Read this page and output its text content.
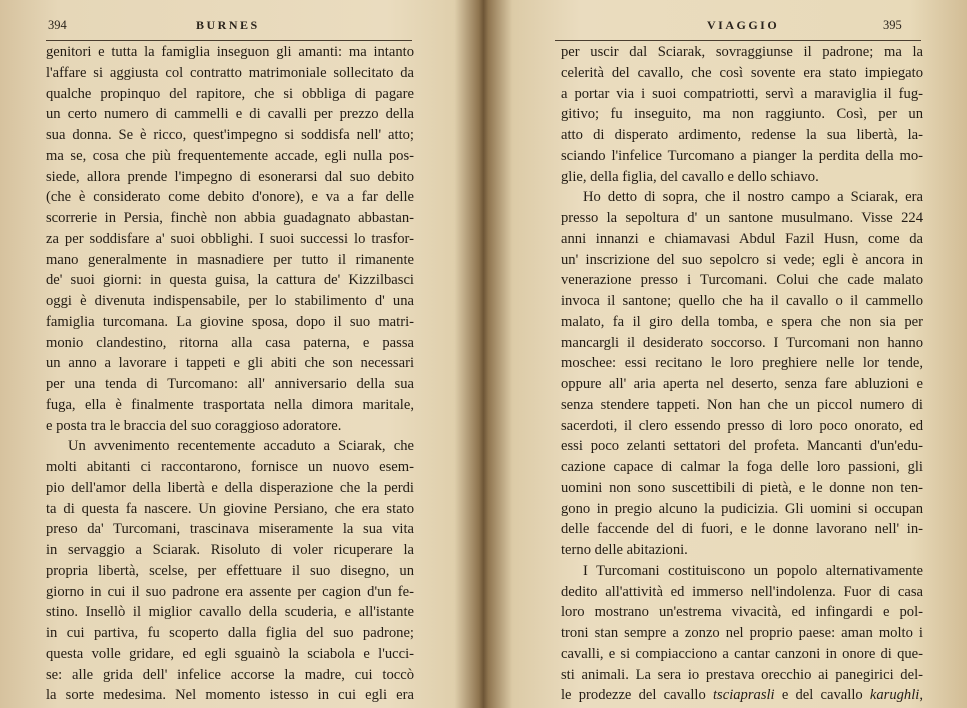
394	BURNES
genitori e tutta la famiglia inseguon gli amanti: ma intanto
l'affare si aggiusta col contratto matrimoniale sollecitato da
qualche propinquo del rapitore, che si obbliga di pagare
un certo numero di cammelli e di cavalli per prezzo della
sua donna. Se è ricco, quest'impegno si soddisfa nell' atto;
ma se, cosa che più frequentemente accade, egli nulla pos-
siede, allora prende l'impegno di esonerarsi dal suo debito
(che è considerato come debito d'onore), e va a far delle
scorrerie in Persia, finchè non abbia guadagnato abbastan-
za per soddisfare a' suoi obblighi. I suoi successi lo trasfor-
mano generalmente in masnadiere per tutto il rimanente
de' suoi giorni: in questa guisa, la cattura de' Kizzilbasci
oggi è divenuta indispensabile, per lo stabilimento d' una
famiglia turcomana. La giovine sposa, dopo il suo matri-
monio clandestino, ritorna alla casa paterna, e passa
un anno a lavorare i tappeti e gli abiti che son necessari
per una tenda di Turcomano: all' anniversario della sua
fuga, ella è finalmente trasportata nella dimora maritale,
e posta tra le braccia del suo coraggioso adoratore.
Un avvenimento recentemente accaduto a Sciarak, che
molti abitanti ci raccontarono, fornisce un nuovo esem-
pio dell'amor della libertà e della disperazione che la perdi
ta di questa fa nascere. Un giovine Persiano, che era stato
preso da' Turcomani, trascinava miseramente la sua vita
in servaggio a Sciarak. Risoluto di voler ricuperare la
propria libertà, scelse, per effettuare il suo disegno, un
giorno in cui il suo padrone era assente per cagion d'un fe-
stino. Insellò il miglior cavallo della scuderia, e all'istante
in cui partiva, fu scoperto dalla figlia del suo padrone;
questa volle gridare, ed egli sguainò la sciabola e l'ucci-
se: alle grida dell' infelice accorse la madre, cui toccò
la sorte medesima. Nel momento istesso in cui egli era
VIAGGIO	395
per uscir dal Sciarak, sovraggiunse il padrone; ma la
celerità del cavallo, che così sovente era stato impiegato
a portar via i suoi compatriotti, servì a maraviglia il fug-
gitivo; fu inseguito, ma non raggiunto. Così, per un
atto di disperato ardimento, redense la sua libertà, la-
sciando l'infelice Turcomano a pianger la perdita della mo-
glie, della figlia, del cavallo e dello schiavo.
Ho detto di sopra, che il nostro campo a Sciarak, era
presso la sepoltura d' un santone musulmano. Visse 224
anni innanzi e chiamavasi Abdul Fazil Husn, come da
un' inscrizione del suo sepolcro si vede; egli è ancora in
venerazione presso i Turcomani. Colui che cade malato
invoca il santone; quello che ha il cavallo o il cammello
malato, fa il giro della tomba, e spera che non sia per
mancargli il desiderato soccorso. I Turcomani non hanno
moschee: essi recitano le loro preghiere nelle lor tende,
oppure all' aria aperta nel deserto, senza fare abluzioni e
senza stendere tappeti. Non han che un piccol numero di
sacerdoti, il clero essendo presso di loro poco onorato, ed
essi poco zelanti settatori del profeta. Mancanti d'un'edu-
cazione capace di calmar la foga delle loro passioni, gli
uomini non sono suscettibili di pietà, e le donne non ten-
gono in pregio alcuno la pudicizia. Gli uomini si occupan
delle faccende del di fuori, e le donne lavorano nell' in-
terno delle abitazioni.
I Turcomani costituiscono un popolo alternativamente
dedito all'attività ed immerso nell'indolenza. Fuor di casa
loro mostrano un'estrema vivacità, ed infingardi e pol-
troni stan sempre a zonzo nel proprio paese: aman molto i
cavalli, e si compiacciono a cantar canzoni in onore di que-
sti animali. La sera io prestava orecchio ai panegirici del-
le prodezze del cavallo tsciaprasli e del cavallo karughli,
